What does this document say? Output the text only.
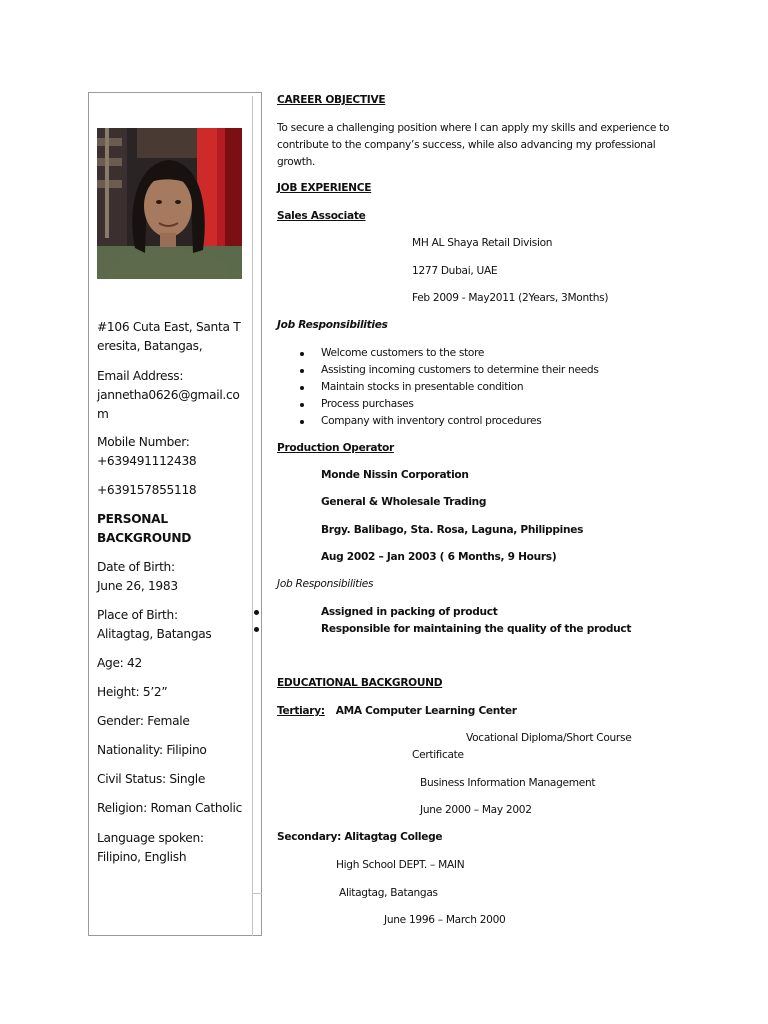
#106 Cuta East, Santa Teresita, Batangas,
Email Address:
jannetha0626@gmail.com
Mobile Number:
+639491112438
+639157855118
PERSONAL BACKGROUND
Date of Birth:
June 26, 1983
Place of Birth:
Alitagtag, Batangas
Age: 42
Height: 5’2”
Gender: Female
Nationality: Filipino
Civil Status: Single
Religion: Roman Catholic
Language spoken:
Filipino, English
CAREER OBJECTIVE
To secure a challenging position where I can apply my skills and experience to
contribute to the company’s success, while also advancing my professional
growth.
JOB EXPERIENCE
Sales Associate
MH AL Shaya Retail Division
1277 Dubai, UAE
Feb 2009 - May2011 (2Years, 3Months)
Job Responsibilities
Welcome customers to the store
Assisting incoming customers to determine their needs
Maintain stocks in presentable condition
Process purchases
Company with inventory control procedures
Production Operator
Monde Nissin Corporation
General & Wholesale Trading
Brgy. Balibago, Sta. Rosa, Laguna, Philippines
Aug 2002 – Jan 2003 ( 6 Months, 9 Hours)
Job Responsibilities
Assigned in packing of product
Responsible for maintaining the quality of the product
EDUCATIONAL BACKGROUND
Tertiary: AMA Computer Learning Center
Vocational Diploma/Short Course
Certificate
Business Information Management
June 2000 – May 2002
Secondary: Alitagtag College
High School DEPT. – MAIN
Alitagtag, Batangas
June 1996 – March 2000
